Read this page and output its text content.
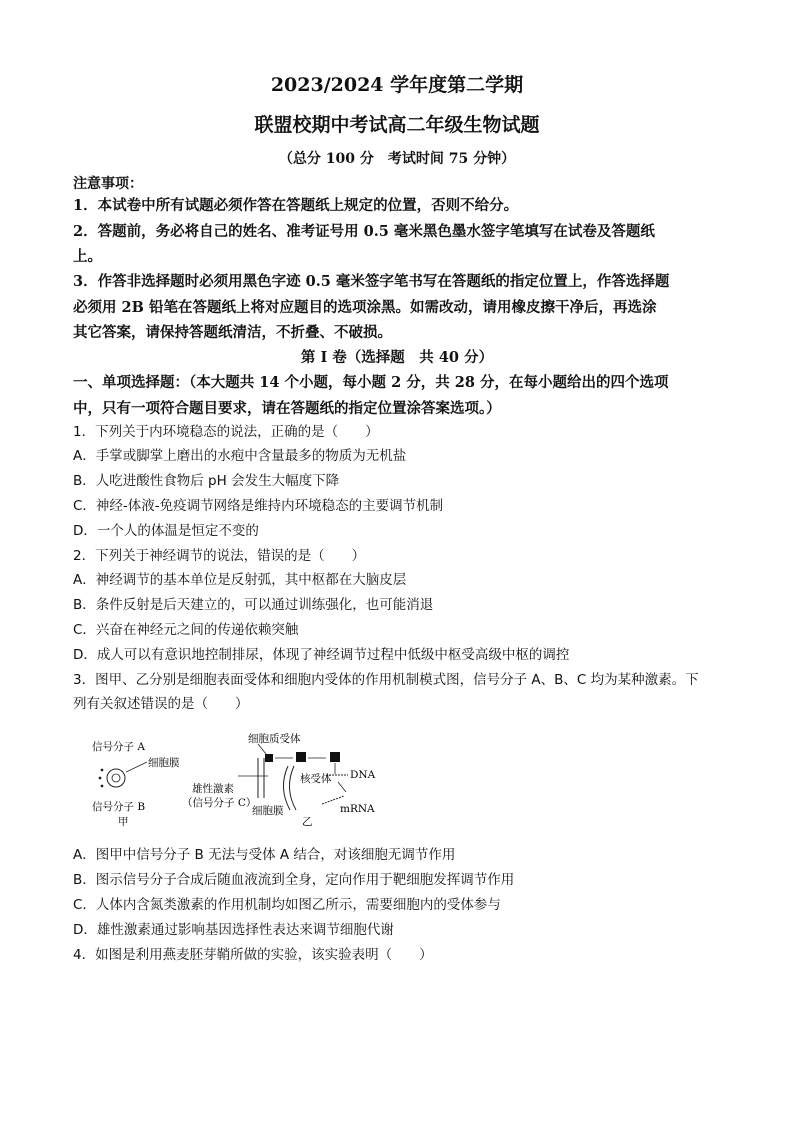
2023/2024 学年度第二学期
联盟校期中考试高二年级生物试题
（总分 100 分　考试时间 75 分钟）
注意事项：
1．本试卷中所有试题必须作答在答题纸上规定的位置，否则不给分。
2．答题前，务必将自己的姓名、准考证号用 0.5 毫米黑色墨水签字笔填写在试卷及答题纸
上。
3．作答非选择题时必须用黑色字迹 0.5 毫米签字笔书写在答题纸的指定位置上，作答选择题
必须用 2B 铅笔在答题纸上将对应题目的选项涂黑。如需改动，请用橡皮擦干净后，再选涂
其它答案，请保持答题纸清洁，不折叠、不破损。
第 I 卷（选择题　共 40 分）
一、单项选择题：（本大题共 14 个小题，每小题 2 分，共 28 分，在每小题给出的四个选项
中，只有一项符合题目要求，请在答题纸的指定位置涂答案选项。）
1．下列关于内环境稳态的说法，正确的是（　　）
A．手掌或脚掌上磨出的水疱中含量最多的物质为无机盐
B．人吃进酸性食物后 pH 会发生大幅度下降
C．神经-体液-免疫调节网络是维持内环境稳态的主要调节机制
D．一个人的体温是恒定不变的
2．下列关于神经调节的说法，错误的是（　　）
A．神经调节的基本单位是反射弧，其中枢都在大脑皮层
B．条件反射是后天建立的，可以通过训练强化，也可能消退
C．兴奋在神经元之间的传递依赖突触
D．成人可以有意识地控制排尿，体现了神经调节过程中低级中枢受高级中枢的调控
3．图甲、乙分别是细胞表面受体和细胞内受体的作用机制模式图，信号分子 A、B、C 均为某种激素。下
列有关叙述错误的是（　　）
信号分子 A
细胞膜
信号分子 B
甲
细胞质受体
核受体 DNA
mRNA
雄性激素
（信号分子 C）
细胞膜
乙
A．图甲中信号分子 B 无法与受体 A 结合，对该细胞无调节作用
B．图示信号分子合成后随血液流到全身，定向作用于靶细胞发挥调节作用
C．人体内含氮类激素的作用机制均如图乙所示，需要细胞内的受体参与
D．雄性激素通过影响基因选择性表达来调节细胞代谢
4．如图是利用燕麦胚芽鞘所做的实验，该实验表明（　　）
